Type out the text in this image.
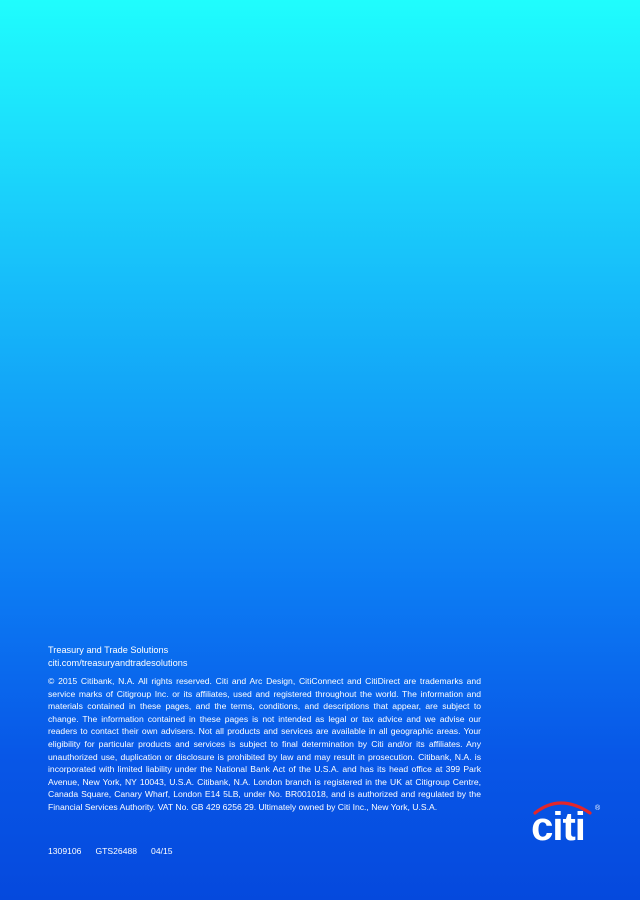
Treasury and Trade Solutions

citi.com/treasuryandtradesolutions

© 2015 Citibank, N.A. All rights reserved. Citi and Arc Design, CitiConnect and CitiDirect are trademarks and service marks of Citigroup Inc. or its affiliates, used and registered throughout the world. The information and materials contained in these pages, and the terms, conditions, and descriptions that appear, are subject to change. The information contained in these pages is not intended as legal or tax advice and we advise our readers to contact their own advisers. Not all products and services are available in all geographic areas. Your eligibility for particular products and services is subject to final determination by Citi and/or its affiliates. Any unauthorized use, duplication or disclosure is prohibited by law and may result in prosecution. Citibank, N.A. is incorporated with limited liability under the National Bank Act of the U.S.A. and has its head office at 399 Park Avenue, New York, NY 10043, U.S.A. Citibank, N.A. London branch is registered in the UK at Citigroup Centre, Canada Square, Canary Wharf, London E14 5LB, under No. BR001018, and is authorized and regulated by the Financial Services Authority. VAT No. GB 429 6256 29. Ultimately owned by Citi Inc., New York, U.S.A.

1309106 GTS26488 04/15
citi ®
